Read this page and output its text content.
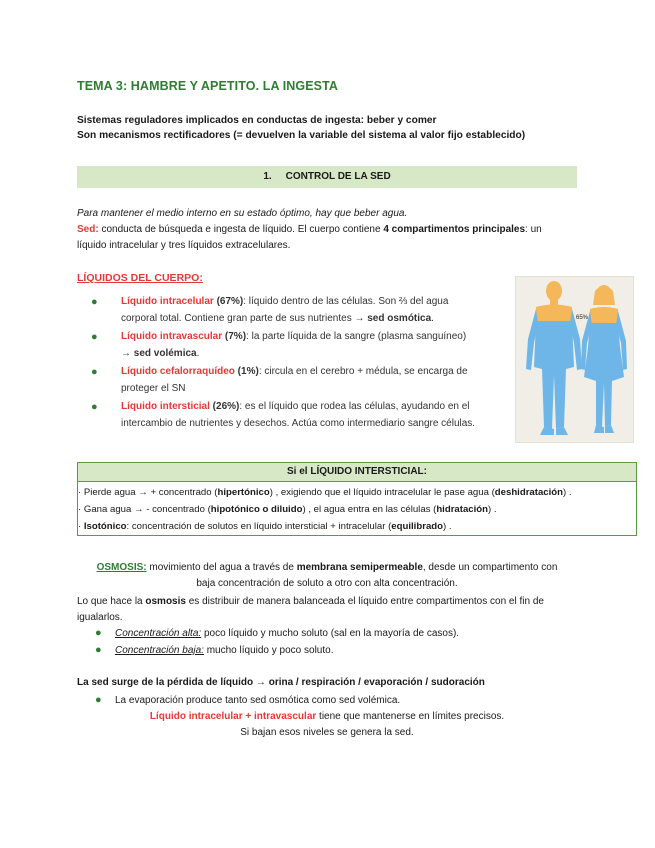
TEMA 3: HAMBRE Y APETITO. LA INGESTA
Sistemas reguladores implicados en conductas de ingesta: beber y comer
Son mecanismos rectificadores (= devuelven la variable del sistema al valor fijo establecido)
1. CONTROL DE LA SED
Para mantener el medio interno en su estado óptimo, hay que beber agua.
Sed: conducta de búsqueda e ingesta de líquido. El cuerpo contiene 4 compartimentos principales: un
líquido intracelular y tres líquidos extracelulares.
LÍQUIDOS DEL CUERPO:
● Líquido intracelular (67%): líquido dentro de las células. Son ⅔ del agua corporal total. Contiene gran parte de sus nutrientes → sed osmótica.
● Líquido intravascular (7%): la parte líquida de la sangre (plasma sanguíneo) → sed volémica.
● Líquido cefalorraquídeo (1%): circula en el cerebro + médula, se encarga de proteger el SN
● Líquido intersticial (26%): es el líquido que rodea las células, ayudando en el intercambio de nutrientes y desechos. Actúa como intermediario sangre células.
65%
Si el LÍQUIDO INTERSTICIAL:
· Pierde agua → + concentrado (hipertónico) , exigiendo que el líquido intracelular le pase agua (deshidratación) .
· Gana agua → - concentrado (hipotónico o diluido) , el agua entra en las células (hidratación) .
· Isotónico: concentración de solutos en líquido intersticial + intracelular (equilibrado) .
OSMOSIS: movimiento del agua a través de membrana semipermeable, desde un compartimento con
baja concentración de soluto a otro con alta concentración.
Lo que hace la osmosis es distribuir de manera balanceada el líquido entre compartimentos con el fin de
igualarlos.
● Concentración alta: poco líquido y mucho soluto (sal en la mayoría de casos).
● Concentración baja: mucho líquido y poco soluto.
La sed surge de la pérdida de líquido → orina / respiración / evaporación / sudoración
● La evaporación produce tanto sed osmótica como sed volémica.
Líquido intracelular + intravascular tiene que mantenerse en límites precisos.
Si bajan esos niveles se genera la sed.
